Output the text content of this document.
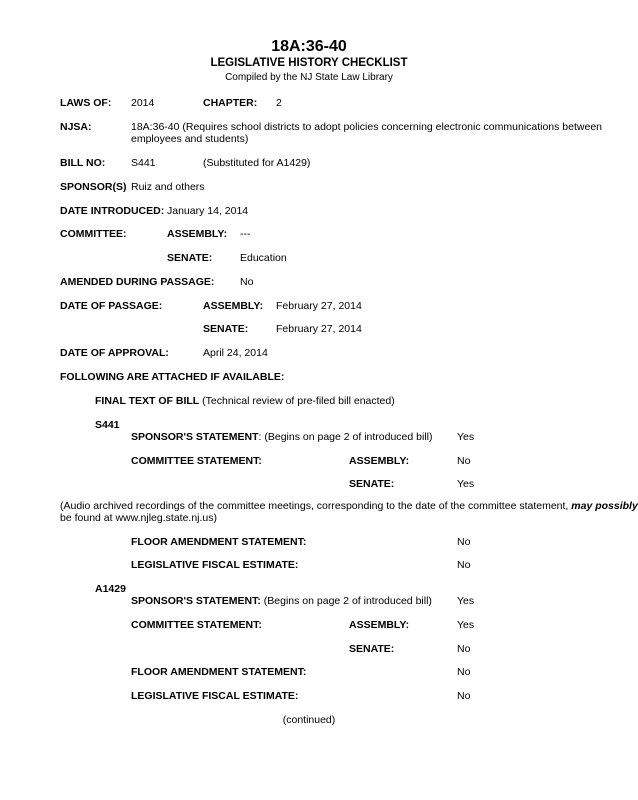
18A:36-40
LEGISLATIVE HISTORY CHECKLIST
Compiled by the NJ State Law Library
LAWS OF: 2014	CHAPTER: 2
NJSA:	18A:36-40 (Requires school districts to adopt policies concerning electronic communications between
employees and students)
BILL NO: S441	(Substituted for A1429)
SPONSOR(S) Ruiz and others
DATE INTRODUCED: January 14, 2014
COMMITTEE:	ASSEMBLY: ---
SENATE:	Education
AMENDED DURING PASSAGE: No
DATE OF PASSAGE:	ASSEMBLY: February 27, 2014
SENATE:	February 27, 2014
DATE OF APPROVAL:	April 24, 2014
FOLLOWING ARE ATTACHED IF AVAILABLE:
FINAL TEXT OF BILL (Technical review of pre-filed bill enacted)
S441
SPONSOR'S STATEMENT: (Begins on page 2 of introduced bill) Yes
COMMITTEE STATEMENT:	ASSEMBLY:	No
SENATE:	Yes
(Audio archived recordings of the committee meetings, corresponding to the date of the committee statement, may possibly
be found at www.njleg.state.nj.us)
FLOOR AMENDMENT STATEMENT:	No
LEGISLATIVE FISCAL ESTIMATE:	No
A1429
SPONSOR'S STATEMENT: (Begins on page 2 of introduced bill) Yes
COMMITTEE STATEMENT:	ASSEMBLY:	Yes
SENATE:	No
FLOOR AMENDMENT STATEMENT:	No
LEGISLATIVE FISCAL ESTIMATE:	No
(continued)
